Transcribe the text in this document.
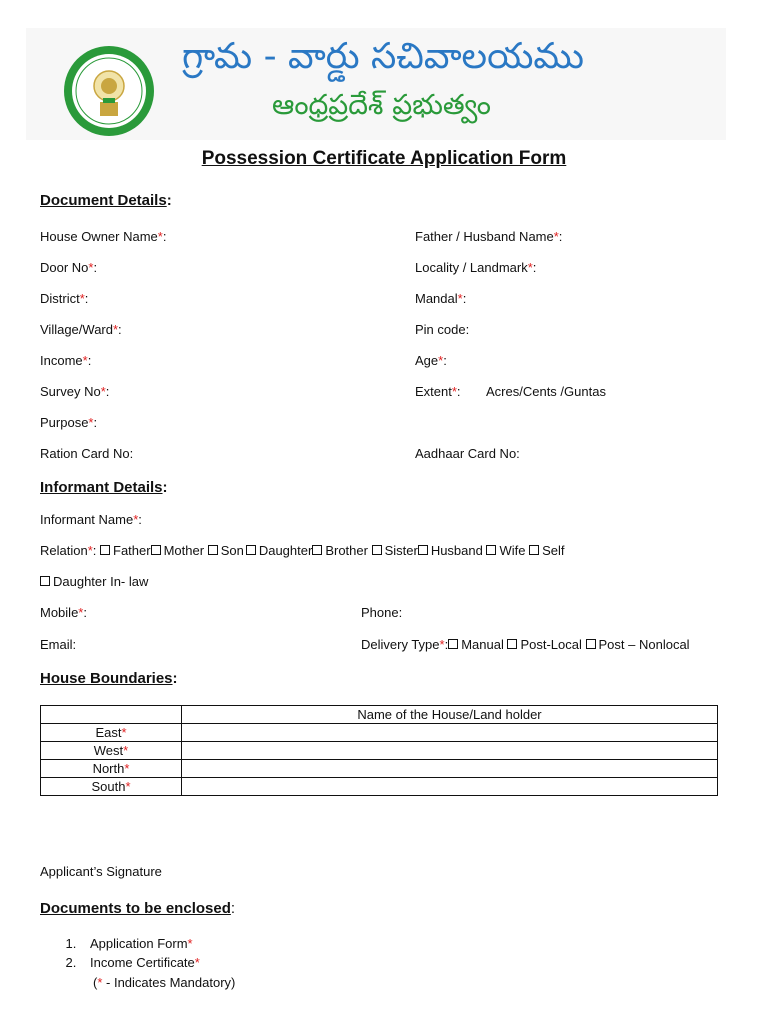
గ్రామ - వార్డు సచివాలయము
ఆంధ్రప్రదేశ్ ప్రభుత్వం
Possession Certificate Application Form
Document Details:
House Owner Name*:	Father / Husband Name*:
Door No*:	Locality / Landmark*:
District*:	Mandal*:
Village/Ward*:	Pin code:
Income*:	Age*:
Survey No*:	Extent*: Acres/Cents /Guntas
Purpose*:
Ration Card No:	Aadhaar Card No:
Informant Details:
Informant Name*:
Relation*: Father Mother Son Daughter Brother Sister Husband Wife Self
Daughter In- law
Mobile*:	Phone:
Email:	Delivery Type*: Manual Post-Local Post – Nonlocal
House Boundaries:
	Name of the House/Land holder
East*	
West*	
North*	
South*	
Applicant’s Signature
Documents to be enclosed:
1. Application Form*
2. Income Certificate*
(* - Indicates Mandatory)
